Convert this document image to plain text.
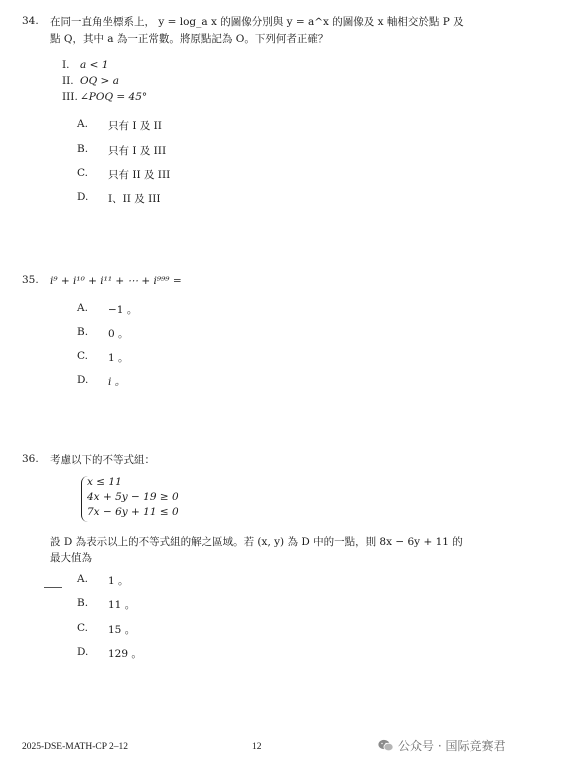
34. 在同一直角坐標系上， y = log_a x 的圖像分別與 y = a^x 的圖像及 x 軸相交於點 P 及
點 Q，其中 a 為一正常數。將原點記為 O。下列何者正確？
I. a < 1
II. OQ > a
III. ∠POQ = 45°
A. 只有 I 及 II
B. 只有 I 及 III
C. 只有 II 及 III
D. I、II 及 III
35. i⁹ + i¹⁰ + i¹¹ + ⋯ + i⁹⁹⁹ =
A. −1 。
B. 0 。
C. 1 。
D. i 。
36. 考慮以下的不等式組：
x ≤ 11
4x + 5y − 19 ≥ 0
7x − 6y + 11 ≤ 0
設 D 為表示以上的不等式組的解之區域。若 (x, y) 為 D 中的一點，則 8x − 6y + 11 的
最大值為
A. 1 。
B. 11 。
C. 15 。
D. 129 。
2025-DSE-MATH-CP 2–12	12	公众号 · 国际竞赛君
